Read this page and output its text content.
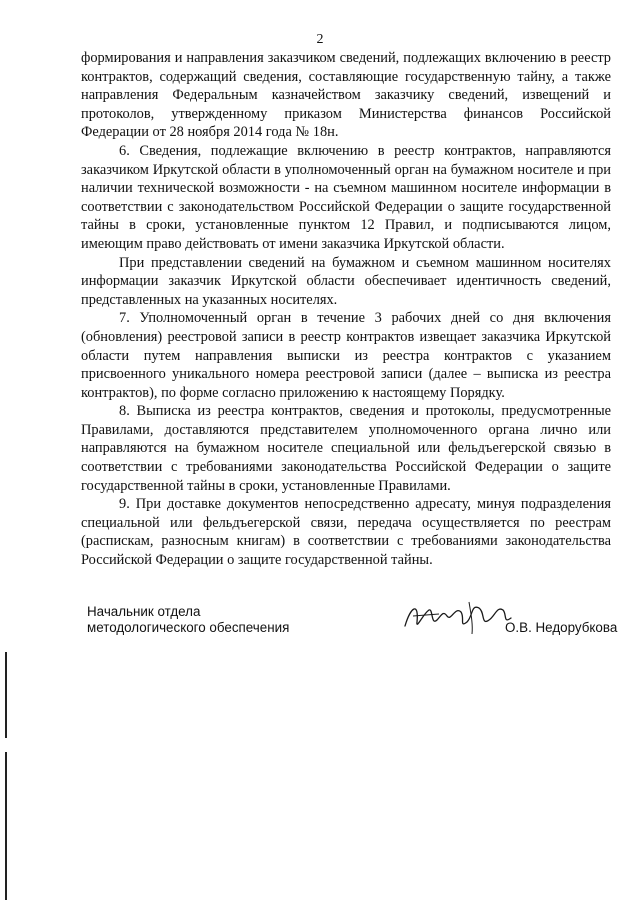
2

формирования и направления заказчиком сведений, подлежащих включению в реестр контрактов, содержащий сведения, составляющие государственную тайну, а также направления Федеральным казначейством заказчику сведений, извещений и протоколов, утвержденному приказом Министерства финансов Российской Федерации от 28 ноября 2014 года № 18н.

6. Сведения, подлежащие включению в реестр контрактов, направляются заказчиком Иркутской области в уполномоченный орган на бумажном носителе и при наличии технической возможности - на съемном машинном носителе информации в соответствии с законодательством Российской Федерации о защите государственной тайны в сроки, установленные пунктом 12 Правил, и подписываются лицом, имеющим право действовать от имени заказчика Иркутской области.

При представлении сведений на бумажном и съемном машинном носителях информации заказчик Иркутской области обеспечивает идентичность сведений, представленных на указанных носителях.

7. Уполномоченный орган в течение 3 рабочих дней со дня включения (обновления) реестровой записи в реестр контрактов извещает заказчика Иркутской области путем направления выписки из реестра контрактов с указанием присвоенного уникального номера реестровой записи (далее – выписка из реестра контрактов), по форме согласно приложению к настоящему Порядку.

8. Выписка из реестра контрактов, сведения и протоколы, предусмотренные Правилами, доставляются представителем уполномоченного органа лично или направляются на бумажном носителе специальной или фельдъегерской связью в соответствии с требованиями законодательства Российской Федерации о защите государственной тайны в сроки, установленные Правилами.

9. При доставке документов непосредственно адресату, минуя подразделения специальной или фельдъегерской связи, передача осуществляется по реестрам (распискам, разносным книгам) в соответствии с требованиями законодательства Российской Федерации о защите государственной тайны.

Начальник отдела
методологического обеспечения	О.В. Недорубкова
